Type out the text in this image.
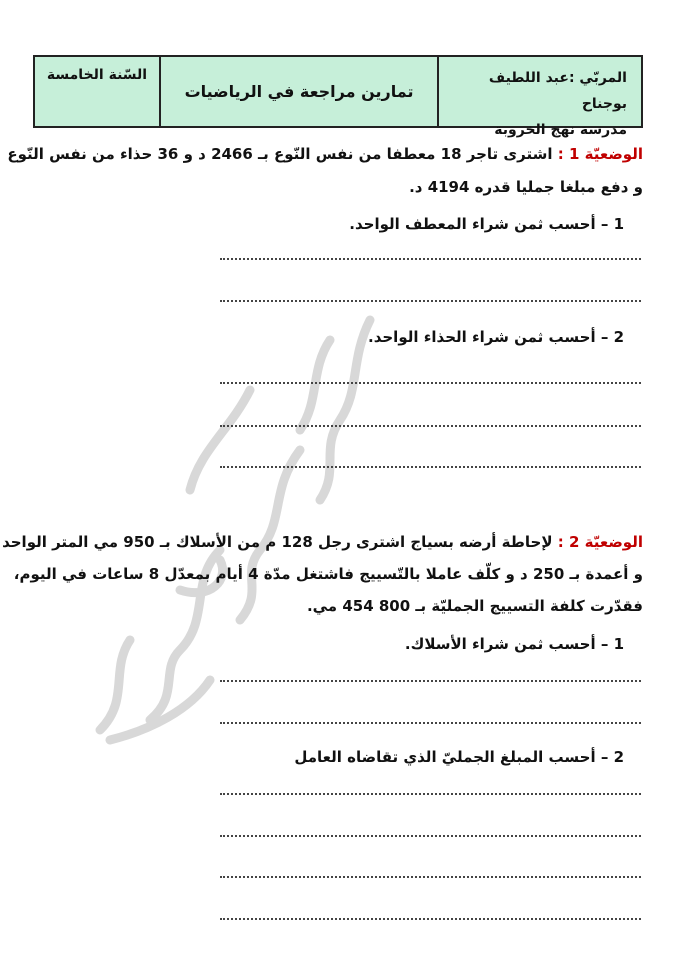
المربّي :عبد اللطيف بوجناح
مدرسة نهج الخروبة
تمارين مراجعة في الرياضيات
السّنة الخامسة
الوضعيّة 1 : اشترى تاجر 18 معطفا من نفس النّوع بـ 2466 د و 36 حذاء من نفس النّوع
و دفع مبلغا جمليا قدره 4194 د.
1 – أحسب ثمن شراء المعطف الواحد.
2 – أحسب ثمن شراء الحذاء الواحد.
الوضعيّة 2 : لإحاطة أرضه بسياج اشترى رجل 128 م من الأسلاك بـ 950 مي المتر الواحد
و أعمدة بـ 250 د و كلّف عاملا بالتّسييج فاشتغل مدّة 4 أيام بمعدّل 8 ساعات في اليوم،
فقدّرت كلفة التسييج الجمليّة بـ 800 454 مي.
1 – أحسب ثمن شراء الأسلاك.
2 – أحسب المبلغ الجمليّ الذي تقاضاه العامل
